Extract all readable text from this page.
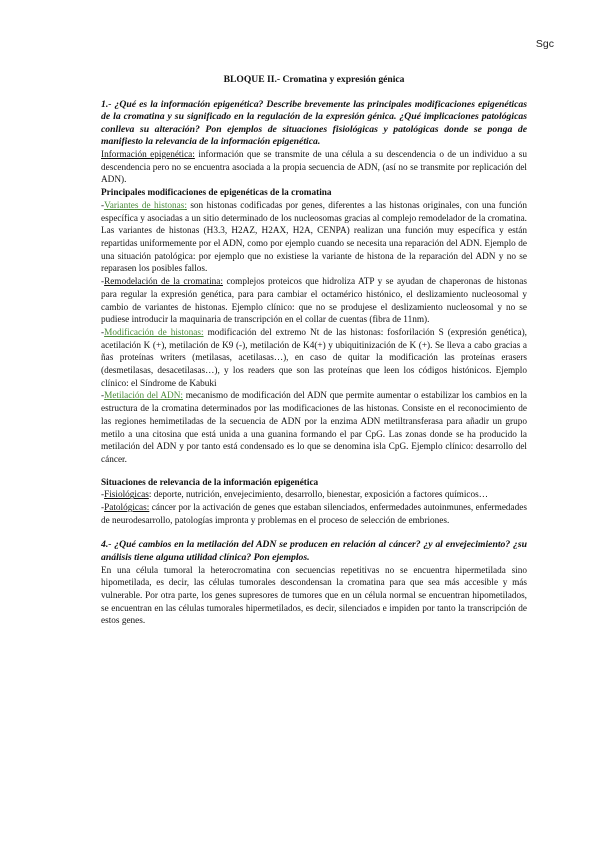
Sgc

BLOQUE II.- Cromatina y expresión génica

1.- ¿Qué es la información epigenética? Describe brevemente las principales modificaciones epigenéticas de la cromatina y su significado en la regulación de la expresión génica. ¿Qué implicaciones patológicas conlleva su alteración? Pon ejemplos de situaciones fisiológicas y patológicas donde se ponga de manifiesto la relevancia de la información epigenética.

Información epigenética: información que se transmite de una célula a su descendencia o de un individuo a su descendencia pero no se encuentra asociada a la propia secuencia de ADN, (así no se transmite por replicación del ADN).

Principales modificaciones de epigenéticas de la cromatina

-Variantes de histonas: son histonas codificadas por genes, diferentes a las histonas originales, con una función específica y asociadas a un sitio determinado de los nucleosomas gracias al complejo remodelador de la cromatina. Las variantes de histonas (H3.3, H2AZ, H2AX, H2A, CENPA) realizan una función muy específica y están repartidas uniformemente por el ADN, como por ejemplo cuando se necesita una reparación del ADN. Ejemplo de una situación patológica: por ejemplo que no existiese la variante de histona de la reparación del ADN y no se reparasen los posibles fallos.

-Remodelación de la cromatina: complejos proteicos que hidroliza ATP y se ayudan de chaperonas de histonas para regular la expresión genética, para para cambiar el octamérico histónico, el deslizamiento nucleosomal y cambio de variantes de histonas. Ejemplo clínico: que no se produjese el deslizamiento nucleosomal y no se pudiese introducir la maquinaria de transcripción en el collar de cuentas (fibra de 11nm).

-Modificación de histonas: modificación del extremo Nt de las histonas: fosforilación S (expresión genética), acetilación K (+), metilación de K9 (-), metilación de K4(+) y ubiquitinización de K (+). Se lleva a cabo gracias a ñas proteínas writers (metilasas, acetilasas…), en caso de quitar la modificación las proteínas erasers (desmetilasas, desacetilasas…), y los readers que son las proteínas que leen los códigos histónicos. Ejemplo clínico: el Síndrome de Kabuki

-Metilación del ADN: mecanismo de modificación del ADN que permite aumentar o estabilizar los cambios en la estructura de la cromatina determinados por las modificaciones de las histonas. Consiste en el reconocimiento de las regiones hemimetiladas de la secuencia de ADN por la enzima ADN metiltransferasa para añadir un grupo metilo a una citosina que está unida a una guanina formando el par CpG. Las zonas donde se ha producido la metilación del ADN y por tanto está condensado es lo que se denomina isla CpG. Ejemplo clínico: desarrollo del cáncer.

Situaciones de relevancia de la información epigenética

-Fisiológicas: deporte, nutrición, envejecimiento, desarrollo, bienestar, exposición a factores químicos…

-Patológicas: cáncer por la activación de genes que estaban silenciados, enfermedades autoinmunes, enfermedades de neurodesarrollo, patologías impronta y problemas en el proceso de selección de embriones.

4.- ¿Qué cambios en la metilación del ADN se producen en relación al cáncer? ¿y al envejecimiento? ¿su análisis tiene alguna utilidad clínica? Pon ejemplos.

En una célula tumoral la heterocromatina con secuencias repetitivas no se encuentra hipermetilada sino hipometilada, es decir, las células tumorales descondensan la cromatina para que sea más accesible y más vulnerable. Por otra parte, los genes supresores de tumores que en un célula normal se encuentran hipometilados, se encuentran en las células tumorales hipermetilados, es decir, silenciados e impiden por tanto la transcripción de estos genes.
